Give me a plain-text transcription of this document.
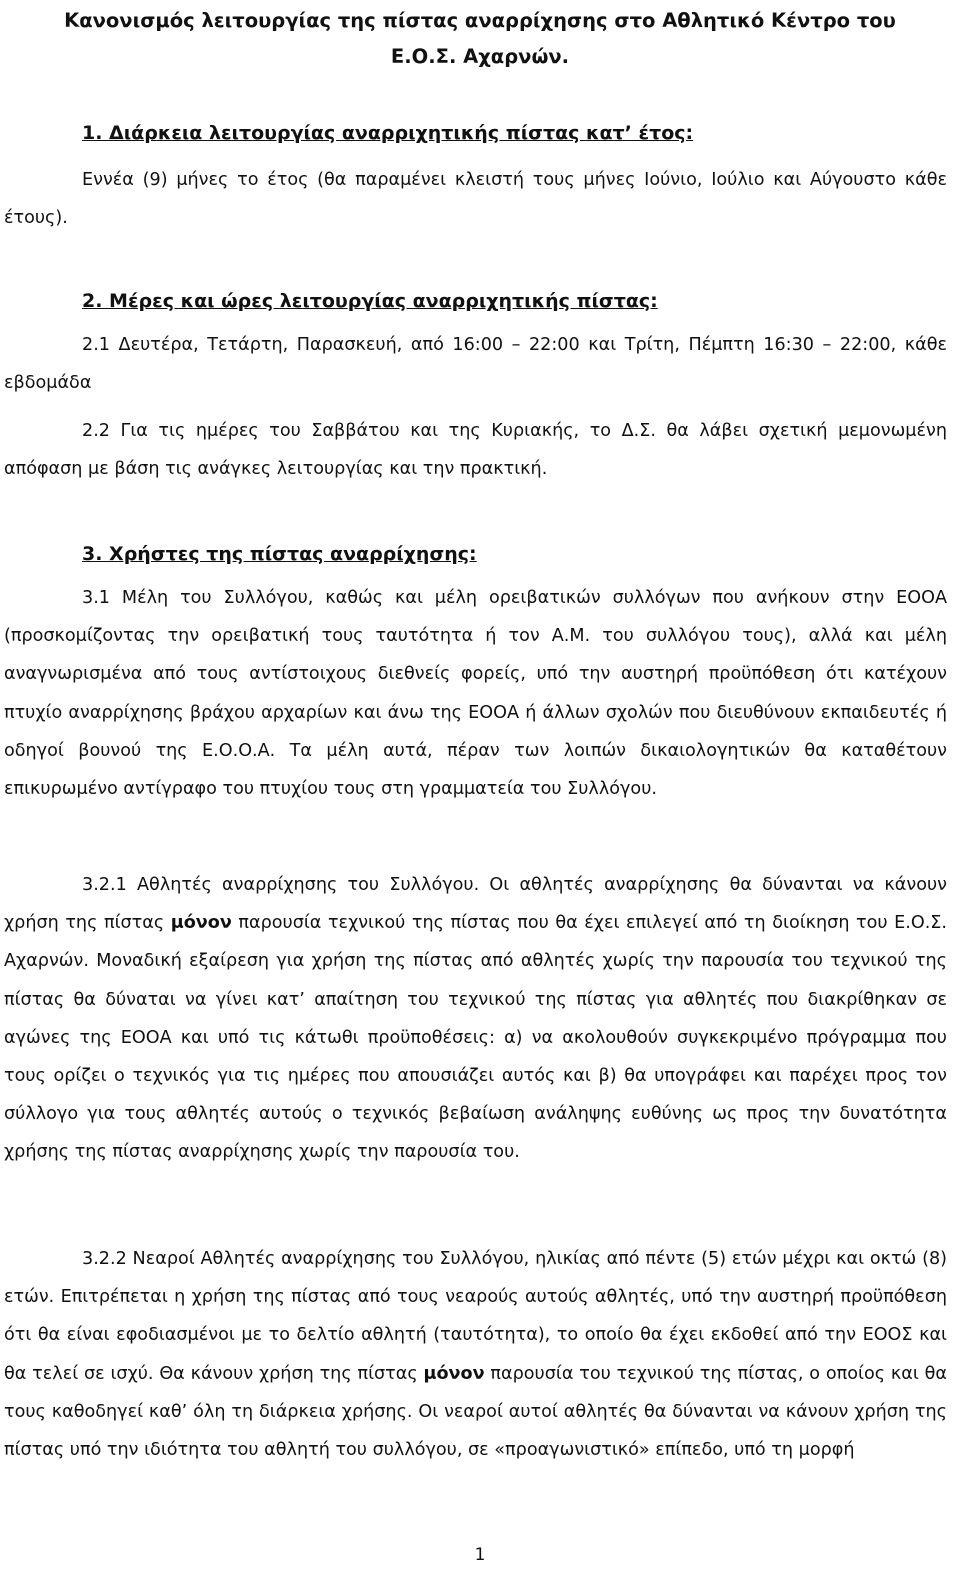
Κανονισμός λειτουργίας της πίστας αναρρίχησης στο Αθλητικό Κέντρο του

Ε.Ο.Σ. Αχαρνών.

1. Διάρκεια λειτουργίας αναρριχητικής πίστας κατ’ έτος:

Εννέα (9) μήνες το έτος (θα παραμένει κλειστή τους μήνες Ιούνιο, Ιούλιο και Αύγουστο κάθε έτους).

2. Μέρες και ώρες λειτουργίας αναρριχητικής πίστας:

2.1 Δευτέρα, Τετάρτη, Παρασκευή, από 16:00 – 22:00 και Τρίτη, Πέμπτη 16:30 – 22:00, κάθε εβδομάδα

2.2 Για τις ημέρες του Σαββάτου και της Κυριακής, το Δ.Σ. θα λάβει σχετική μεμονωμένη απόφαση με βάση τις ανάγκες λειτουργίας και την πρακτική.

3. Χρήστες της πίστας αναρρίχησης:

3.1 Μέλη του Συλλόγου, καθώς και μέλη ορειβατικών συλλόγων που ανήκουν στην ΕΟΟΑ (προσκομίζοντας την ορειβατική τους ταυτότητα ή τον Α.Μ. του συλλόγου τους), αλλά και μέλη αναγνωρισμένα από τους αντίστοιχους διεθνείς φορείς, υπό την αυστηρή προϋπόθεση ότι κατέχουν πτυχίο αναρρίχησης βράχου αρχαρίων και άνω της ΕΟΟΑ ή άλλων σχολών που διευθύνουν εκπαιδευτές ή οδηγοί βουνού της Ε.Ο.Ο.Α. Τα μέλη αυτά, πέραν των λοιπών δικαιολογητικών θα καταθέτουν επικυρωμένο αντίγραφο του πτυχίου τους στη γραμματεία του Συλλόγου.

3.2.1 Αθλητές αναρρίχησης του Συλλόγου. Οι αθλητές αναρρίχησης θα δύνανται να κάνουν χρήση της πίστας μόνον παρουσία τεχνικού της πίστας που θα έχει επιλεγεί από τη διοίκηση του Ε.Ο.Σ. Αχαρνών. Μοναδική εξαίρεση για χρήση της πίστας από αθλητές χωρίς την παρουσία του τεχνικού της πίστας θα δύναται να γίνει κατ’ απαίτηση του τεχνικού της πίστας για αθλητές που διακρίθηκαν σε αγώνες της ΕΟΟΑ και υπό τις κάτωθι προϋποθέσεις: α) να ακολουθούν συγκεκριμένο πρόγραμμα που τους ορίζει ο τεχνικός για τις ημέρες που απουσιάζει αυτός και β) θα υπογράφει και παρέχει προς τον σύλλογο για τους αθλητές αυτούς ο τεχνικός βεβαίωση ανάληψης ευθύνης ως προς την δυνατότητα χρήσης της πίστας αναρρίχησης χωρίς την παρουσία του.

3.2.2 Νεαροί Αθλητές αναρρίχησης του Συλλόγου, ηλικίας από πέντε (5) ετών μέχρι και οκτώ (8) ετών. Επιτρέπεται η χρήση της πίστας από τους νεαρούς αυτούς αθλητές, υπό την αυστηρή προϋπόθεση ότι θα είναι εφοδιασμένοι με το δελτίο αθλητή (ταυτότητα), το οποίο θα έχει εκδοθεί από την ΕΟΟΣ και θα τελεί σε ισχύ. Θα κάνουν χρήση της πίστας μόνον παρουσία του τεχνικού της πίστας, ο οποίος και θα τους καθοδηγεί καθ’ όλη τη διάρκεια χρήσης. Οι νεαροί αυτοί αθλητές θα δύνανται να κάνουν χρήση της πίστας υπό την ιδιότητα του αθλητή του συλλόγου, σε «προαγωνιστικό» επίπεδο, υπό τη μορφή

1
